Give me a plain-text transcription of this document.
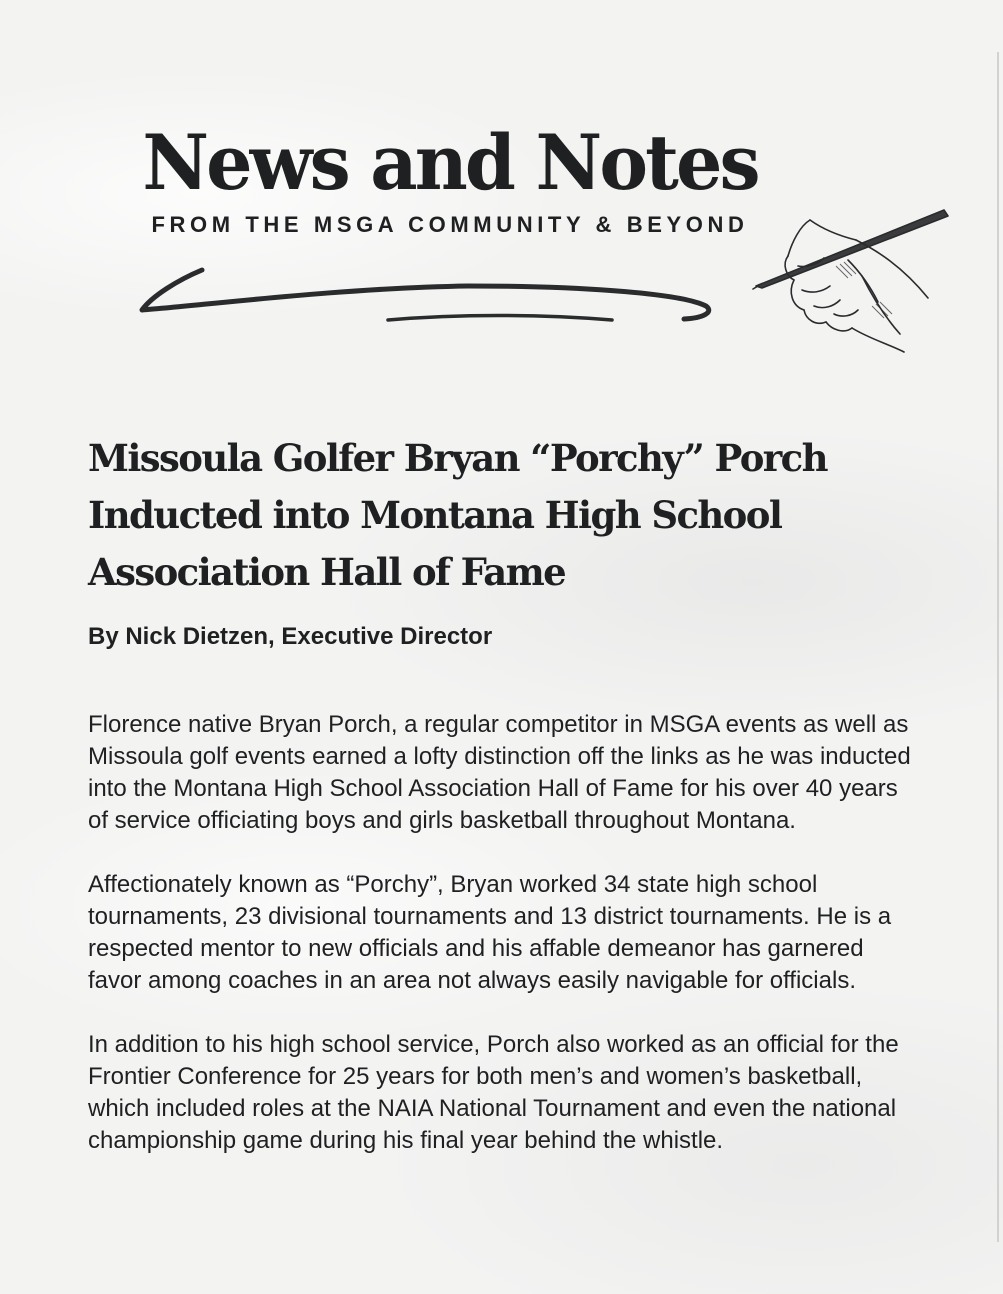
News and Notes
FROM THE MSGA COMMUNITY & BEYOND
Missoula Golfer Bryan “Porchy” Porch Inducted into Montana High School Association Hall of Fame
By Nick Dietzen, Executive Director

Florence native Bryan Porch, a regular competitor in MSGA events as well as Missoula golf events earned a lofty distinction off the links as he was inducted into the Montana High School Association Hall of Fame for his over 40 years of service officiating boys and girls basketball throughout Montana.

Affectionately known as “Porchy”, Bryan worked 34 state high school tournaments, 23 divisional tournaments and 13 district tournaments. He is a respected mentor to new officials and his affable demeanor has garnered favor among coaches in an area not always easily navigable for officials.

In addition to his high school service, Porch also worked as an official for the Frontier Conference for 25 years for both men’s and women’s basketball, which included roles at the NAIA National Tournament and even the national championship game during his final year behind the whistle.
